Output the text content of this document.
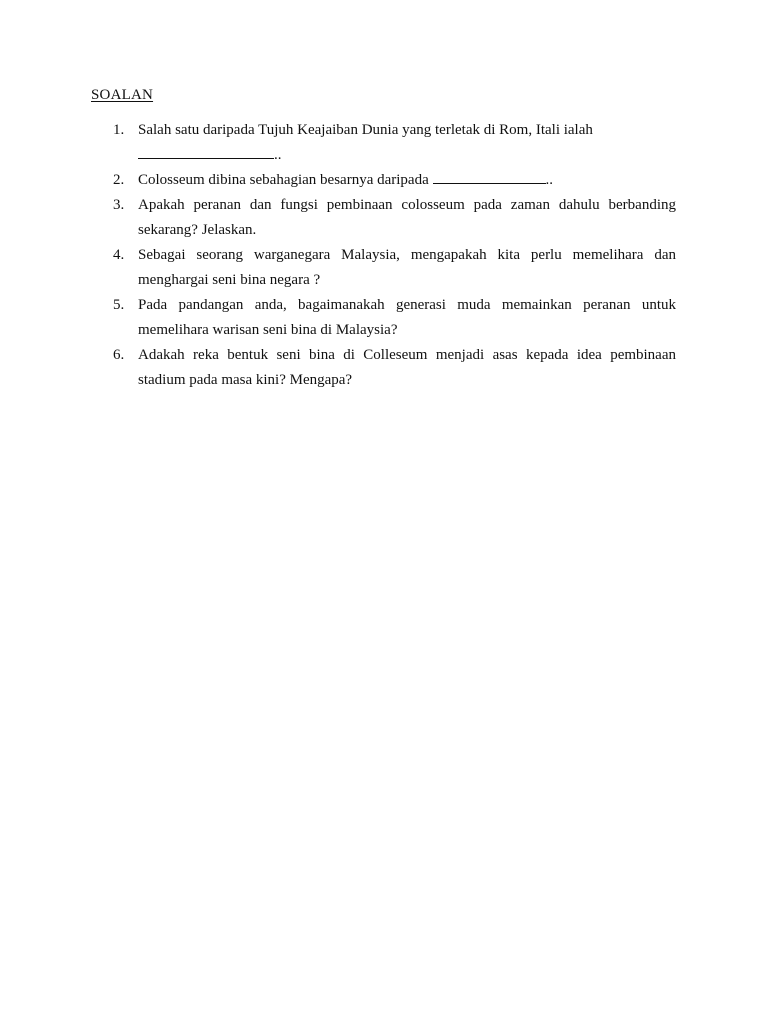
SOALAN
1. Salah satu daripada Tujuh Keajaiban Dunia yang terletak di Rom, Itali ialah
..
2. Colosseum dibina sebahagian besarnya daripada	..
3. Apakah peranan dan fungsi pembinaan colosseum pada zaman dahulu berbanding sekarang? Jelaskan.
4. Sebagai seorang warganegara Malaysia, mengapakah kita perlu memelihara dan menghargai seni bina negara ?
5. Pada pandangan anda, bagaimanakah generasi muda memainkan peranan untuk memelihara warisan seni bina di Malaysia?
6. Adakah reka bentuk seni bina di Colleseum menjadi asas kepada idea pembinaan stadium pada masa kini? Mengapa?
